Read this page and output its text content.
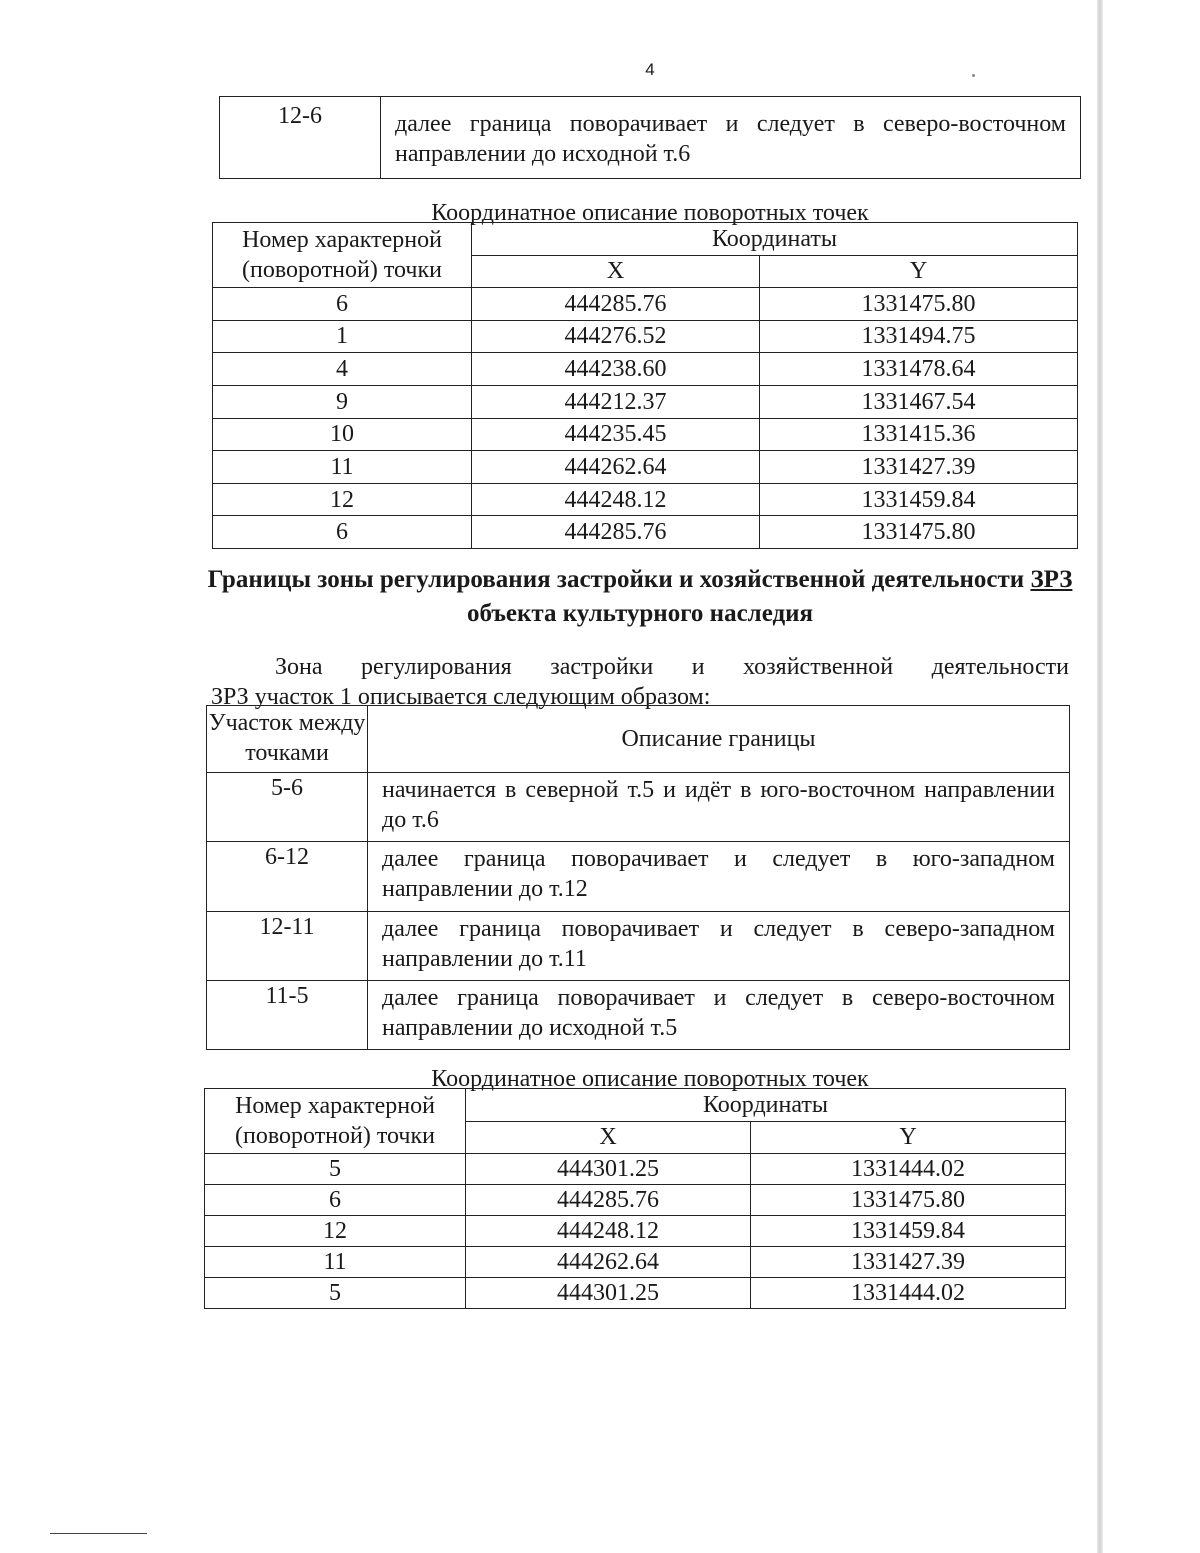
4
12-6	далее граница поворачивает и следует в северо-восточном направлении до исходной т.6
Координатное описание поворотных точек
Номер характерной (поворотной) точки	Координаты	
	X	Y
6	444285.76	1331475.80
1	444276.52	1331494.75
4	444238.60	1331478.64
9	444212.37	1331467.54
10	444235.45	1331415.36
11	444262.64	1331427.39
12	444248.12	1331459.84
6	444285.76	1331475.80
Границы зоны регулирования застройки и хозяйственной деятельности ЗРЗ объекта культурного наследия
Зона регулирования застройки и хозяйственной деятельности
ЗРЗ участок 1 описывается следующим образом:
Участок между точками	Описание границы
5-6	начинается в северной т.5 и идёт в юго-восточном направлении до т.6
6-12	далее граница поворачивает и следует в юго-западном направлении до т.12
12-11	далее граница поворачивает и следует в северо-западном направлении до т.11
11-5	далее граница поворачивает и следует в северо-восточном направлении до исходной т.5
Координатное описание поворотных точек
Номер характерной (поворотной) точки	Координаты	
	X	Y
5	444301.25	1331444.02
6	444285.76	1331475.80
12	444248.12	1331459.84
11	444262.64	1331427.39
5	444301.25	1331444.02
